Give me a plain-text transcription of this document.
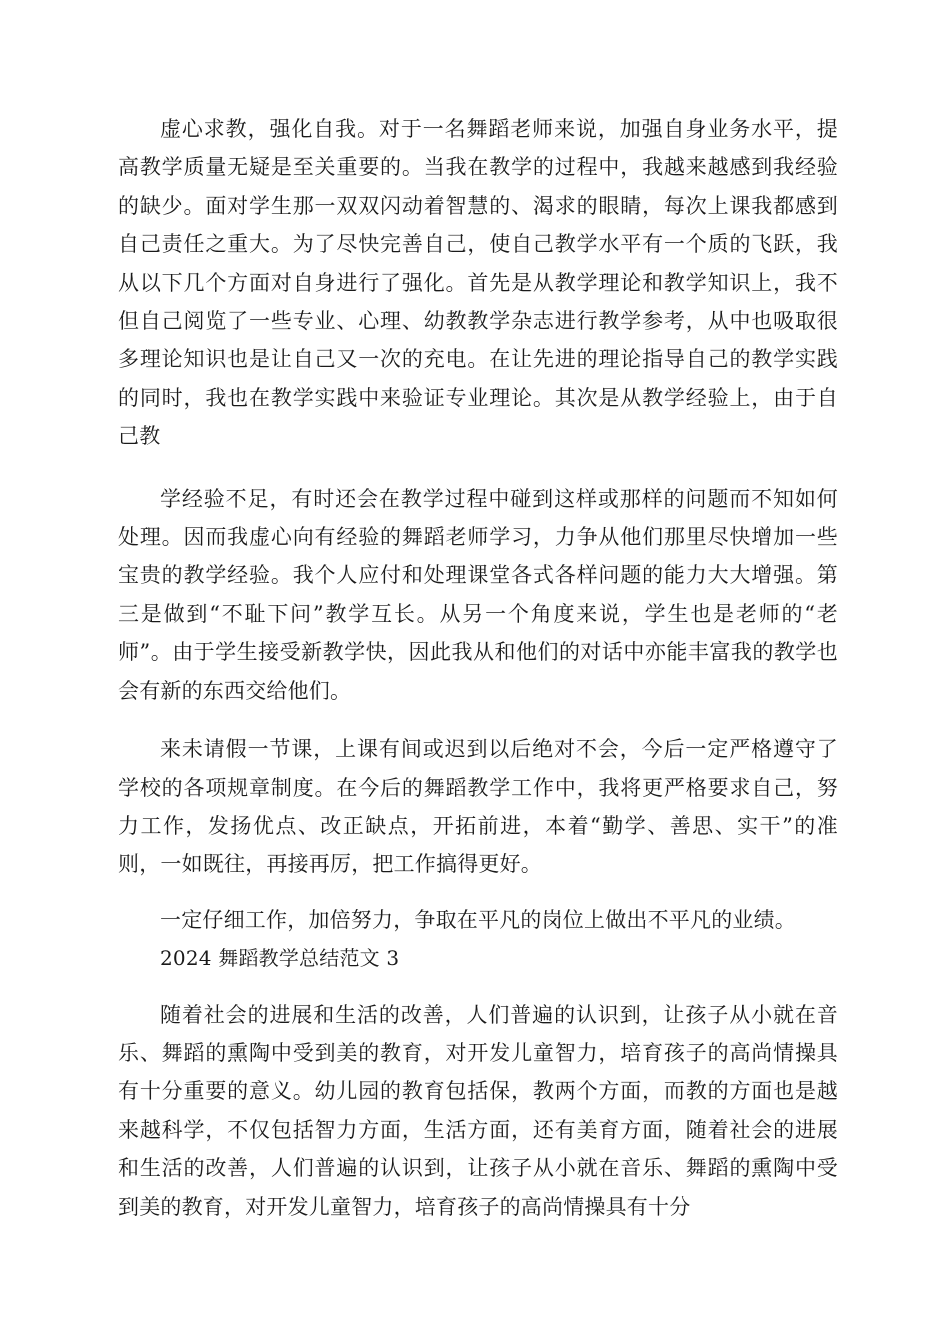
虚心求教，强化自我。对于一名舞蹈老师来说，加强自身业务水平，提高教学质量无疑是至关重要的。当我在教学的过程中，我越来越感到我经验的缺少。面对学生那一双双闪动着智慧的、渴求的眼睛，每次上课我都感到自己责任之重大。为了尽快完善自己，使自己教学水平有一个质的飞跃，我从以下几个方面对自身进行了强化。首先是从教学理论和教学知识上，我不但自己阅览了一些专业、心理、幼教教学杂志进行教学参考，从中也吸取很多理论知识也是让自己又一次的充电。在让先进的理论指导自己的教学实践的同时，我也在教学实践中来验证专业理论。其次是从教学经验上，由于自己教

学经验不足，有时还会在教学过程中碰到这样或那样的问题而不知如何处理。因而我虚心向有经验的舞蹈老师学习，力争从他们那里尽快增加一些宝贵的教学经验。我个人应付和处理课堂各式各样问题的能力大大增强。第三是做到“不耻下问”教学互长。从另一个角度来说，学生也是老师的“老师”。由于学生接受新教学快，因此我从和他们的对话中亦能丰富我的教学也会有新的东西交给他们。

来未请假一节课，上课有间或迟到以后绝对不会，今后一定严格遵守了学校的各项规章制度。在今后的舞蹈教学工作中，我将更严格要求自己，努力工作，发扬优点、改正缺点，开拓前进，本着“勤学、善思、实干”的准则，一如既往，再接再厉，把工作搞得更好。

一定仔细工作，加倍努力，争取在平凡的岗位上做出不平凡的业绩。

2024 舞蹈教学总结范文 3

随着社会的进展和生活的改善，人们普遍的认识到，让孩子从小就在音乐、舞蹈的熏陶中受到美的教育，对开发儿童智力，培育孩子的高尚情操具有十分重要的意义。幼儿园的教育包括保，教两个方面，而教的方面也是越来越科学，不仅包括智力方面，生活方面，还有美育方面，随着社会的进展和生活的改善，人们普遍的认识到，让孩子从小就在音乐、舞蹈的熏陶中受到美的教育，对开发儿童智力，培育孩子的高尚情操具有十分
